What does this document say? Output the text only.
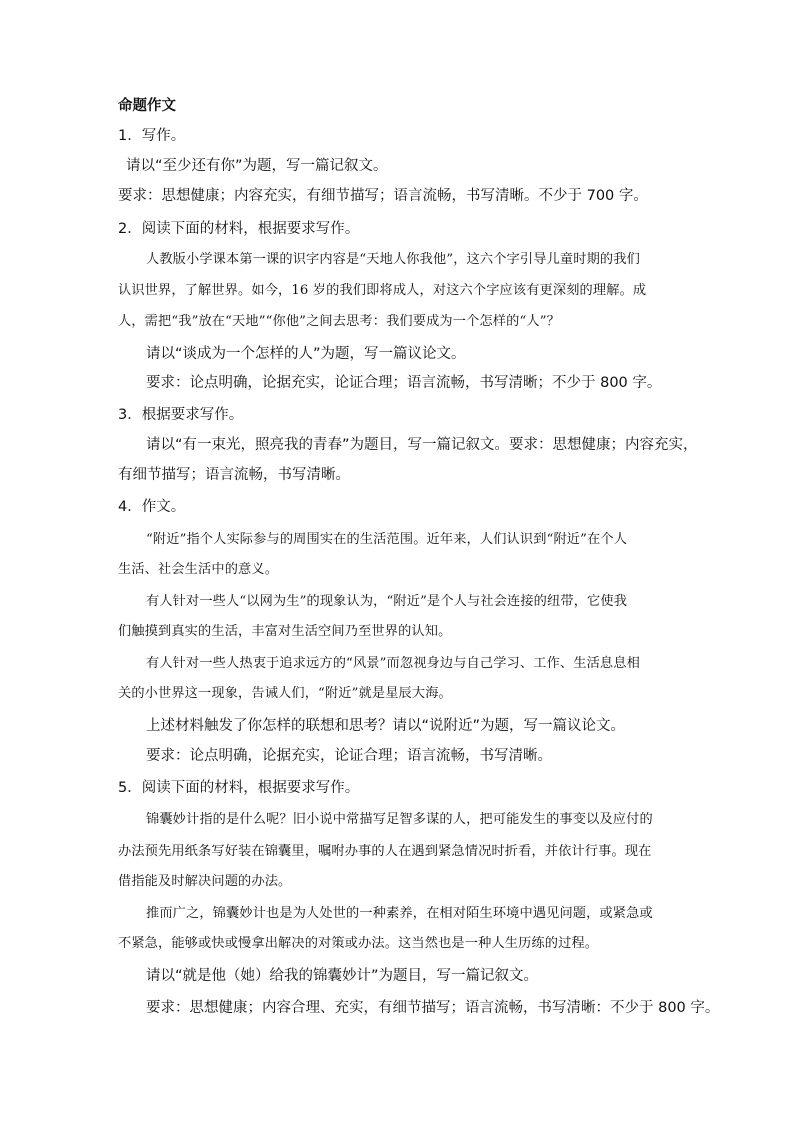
命题作文
1．写作。
请以“至少还有你”为题，写一篇记叙文。
要求：思想健康；内容充实，有细节描写；语言流畅，书写清晰。不少于 700 字。
2．阅读下面的材料，根据要求写作。
人教版小学课本第一课的识字内容是“天地人你我他”，这六个字引导儿童时期的我们
认识世界，了解世界。如今，16 岁的我们即将成人，对这六个字应该有更深刻的理解。成
人，需把“我”放在“天地”“你他”之间去思考：我们要成为一个怎样的“人”？
请以“谈成为一个怎样的人”为题，写一篇议论文。
要求：论点明确，论据充实，论证合理；语言流畅，书写清晰；不少于 800 字。
3．根据要求写作。
请以“有一束光，照亮我的青春”为题目，写一篇记叙文。要求：思想健康；内容充实，
有细节描写；语言流畅，书写清晰。
4．作文。
“附近”指个人实际参与的周围实在的生活范围。近年来，人们认识到“附近”在个人
生活、社会生活中的意义。
有人针对一些人“以网为生”的现象认为，“附近”是个人与社会连接的纽带，它使我
们触摸到真实的生活，丰富对生活空间乃至世界的认知。
有人针对一些人热衷于追求远方的“风景”而忽视身边与自己学习、工作、生活息息相
关的小世界这一现象，告诫人们，“附近”就是星辰大海。
上述材料触发了你怎样的联想和思考？请以“说附近”为题，写一篇议论文。
要求：论点明确，论据充实，论证合理；语言流畅，书写清晰。
5．阅读下面的材料，根据要求写作。
锦囊妙计指的是什么呢？旧小说中常描写足智多谋的人，把可能发生的事变以及应付的
办法预先用纸条写好装在锦囊里，嘱咐办事的人在遇到紧急情况时折看，并依计行事。现在
借指能及时解决问题的办法。
推而广之，锦囊妙计也是为人处世的一种素养，在相对陌生环境中遇见问题，或紧急或
不紧急，能够或快或慢拿出解决的对策或办法。这当然也是一种人生历练的过程。
请以“就是他（她）给我的锦囊妙计”为题目，写一篇记叙文。
要求：思想健康；内容合理、充实，有细节描写；语言流畅，书写清晰：不少于 800 字。
